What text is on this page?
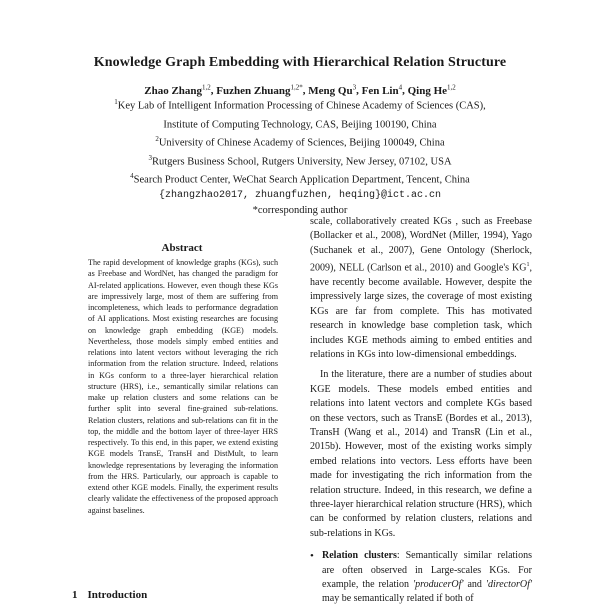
Knowledge Graph Embedding with Hierarchical Relation Structure
Zhao Zhang$^{1,2}$, Fuzhen Zhuang$^{1,2*}$, Meng Qu$^3$, Fen Lin$^4$, Qing He$^{1,2}$
$^1$Key Lab of Intelligent Information Processing of Chinese Academy of Sciences (CAS),
Institute of Computing Technology, CAS, Beijing 100190, China
$^2$University of Chinese Academy of Sciences, Beijing 100049, China
$^3$Rutgers Business School, Rutgers University, New Jersey, 07102, USA
$^4$Search Product Center, WeChat Search Application Department, Tencent, China
{zhangzhao2017, zhuangfuzhen, heqing}@ict.ac.cn
*corresponding author
Abstract
The rapid development of knowledge graphs (KGs), such as Freebase and WordNet, has changed the paradigm for AI-related applications. However, even though these KGs are impressively large, most of them are suffering from incompleteness, which leads to performance degradation of AI applications. Most existing researches are focusing on knowledge graph embedding (KGE) models. Nevertheless, those models simply embed entities and relations into latent vectors without leveraging the rich information from the relation structure. Indeed, relations in KGs conform to a three-layer hierarchical relation structure (HRS), i.e., semantically similar relations can make up relation clusters and some relations can be further split into several fine-grained sub-relations. Relation clusters, relations and sub-relations can fit in the top, the middle and the bottom layer of three-layer HRS respectively. To this end, in this paper, we extend existing KGE models TransE, TransH and DistMult, to learn knowledge representations by leveraging the information from the HRS. Particularly, our approach is capable to extend other KGE models. Finally, the experiment results clearly validate the effectiveness of the proposed approach against baselines.
1 Introduction

scale, collaboratively created KGs , such as Freebase (Bollacker et al., 2008), WordNet (Miller, 1994), Yago (Suchanek et al., 2007), Gene Ontology (Sherlock, 2009), NELL (Carlson et al., 2010) and Google's $KG^1$, have recently become available. However, despite the impressively large sizes, the coverage of most existing KGs are far from complete. This has motivated research in knowledge base completion task, which includes KGE methods aiming to embed entities and relations in KGs into low-dimensional embeddings.

In the literature, there are a number of studies about KGE models. These models embed entities and relations into latent vectors and complete KGs based on these vectors, such as TransE (Bordes et al., 2013), TransH (Wang et al., 2014) and TransR (Lin et al., 2015b). However, most of the existing works simply embed relations into vectors. Less efforts have been made for investigating the rich information from the relation structure. Indeed, in this research, we define a three-layer hierarchical relation structure (HRS), which can be conformed by relation clusters, relations and sub-relations in KGs.

• Relation clusters: Semantically similar relations are often observed in Large-scales KGs. For example, the relation 'producerOf' and 'directorOf' may be semantically related if both of
